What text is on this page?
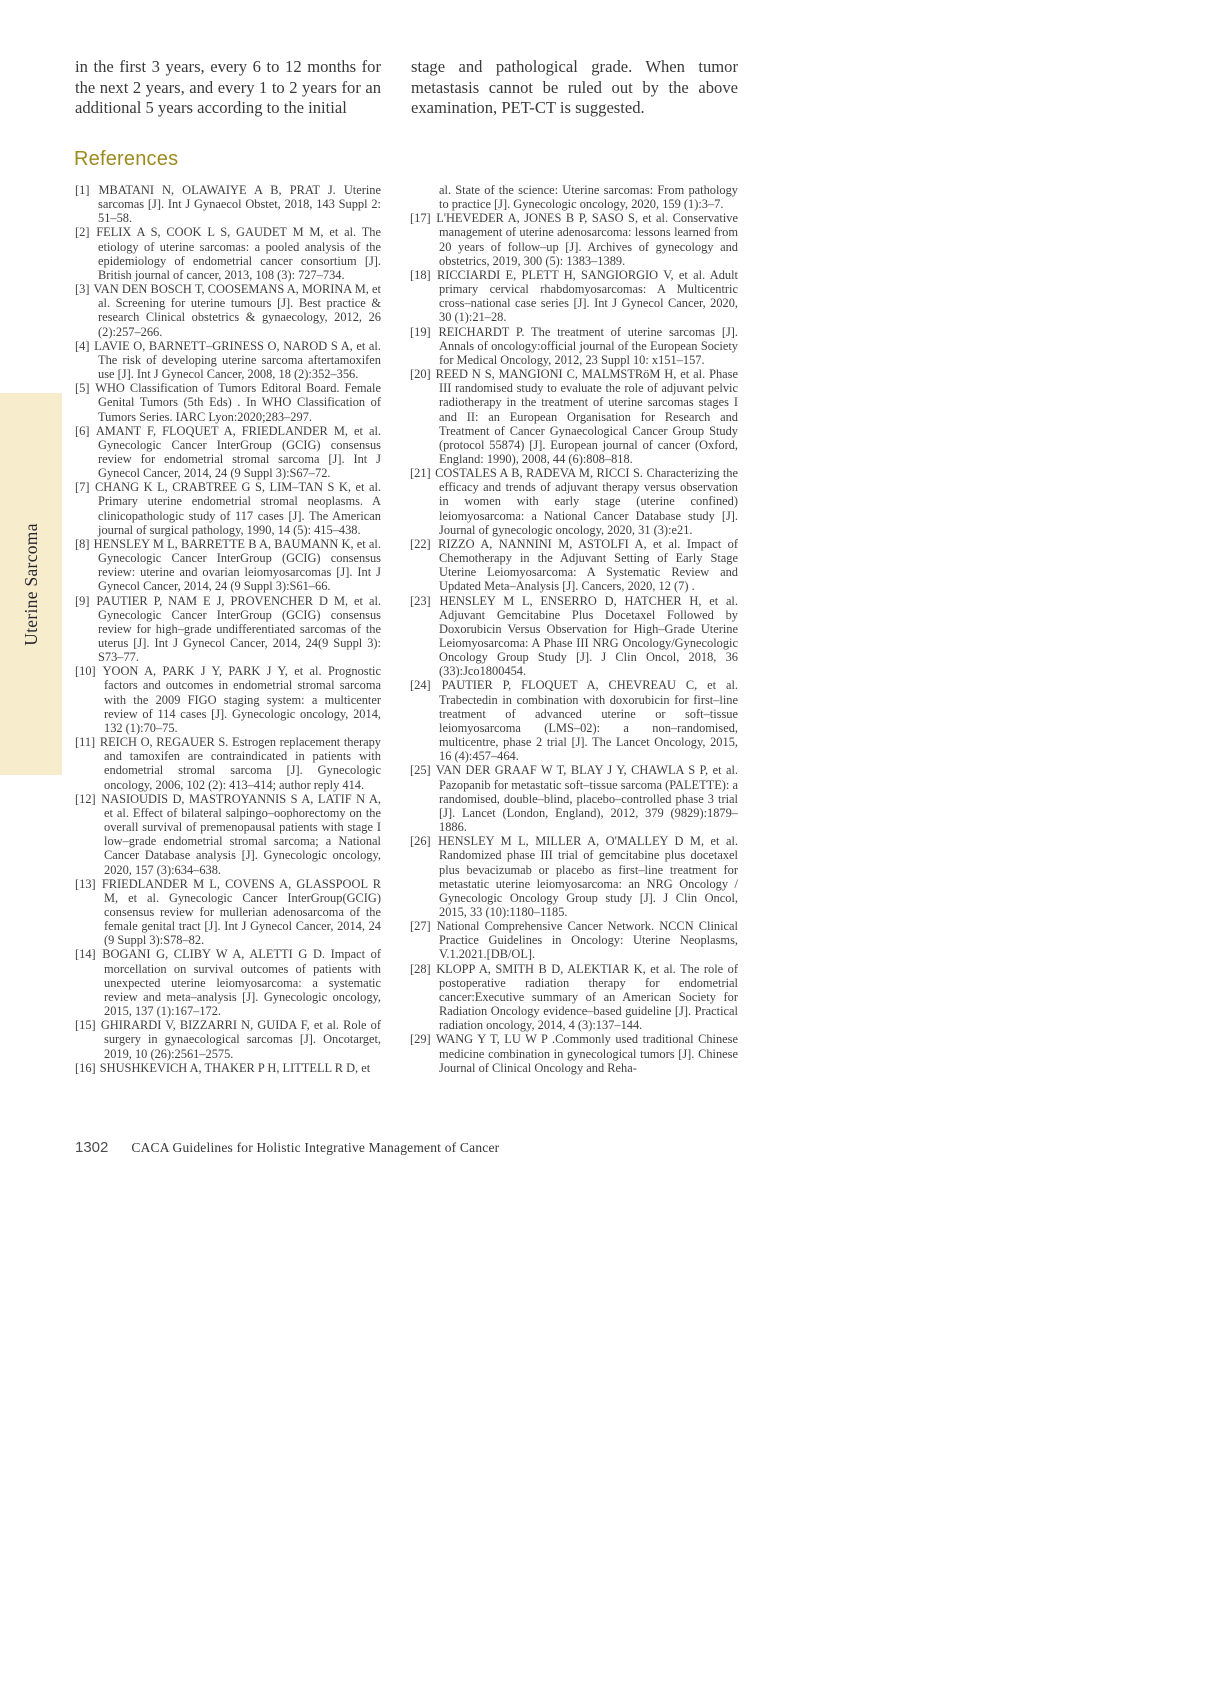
Uterine Sarcoma

in the first 3 years, every 6 to 12 months for the next 2 years, and every 1 to 2 years for an additional 5 years according to the initial

stage and pathological grade. When tumor metastasis cannot be ruled out by the above examination, PET-CT is suggested.

References
[1] MBATANI N, OLAWAIYE A B, PRAT J. Uterine sarcomas [J]. Int J Gynaecol Obstet, 2018, 143 Suppl 2: 51–58.
[2] FELIX A S, COOK L S, GAUDET M M, et al. The etiology of uterine sarcomas: a pooled analysis of the epidemiology of endometrial cancer consortium [J]. British journal of cancer, 2013, 108 (3): 727–734.
[3] VAN DEN BOSCH T, COOSEMANS A, MORINA M, et al. Screening for uterine tumours [J]. Best practice & research Clinical obstetrics & gynaecology, 2012, 26 (2):257–266.
[4] LAVIE O, BARNETT–GRINESS O, NAROD S A, et al. The risk of developing uterine sarcoma aftertamoxifen use [J]. Int J Gynecol Cancer, 2008, 18 (2):352–356.
[5] WHO Classification of Tumors Editoral Board. Female Genital Tumors (5th Eds) . In WHO Classification of Tumors Series. IARC Lyon:2020;283–297.
[6] AMANT F, FLOQUET A, FRIEDLANDER M, et al. Gynecologic Cancer InterGroup (GCIG) consensus review for endometrial stromal sarcoma [J]. Int J Gynecol Cancer, 2014, 24 (9 Suppl 3):S67–72.
[7] CHANG K L, CRABTREE G S, LIM–TAN S K, et al. Primary uterine endometrial stromal neoplasms. A clinicopathologic study of 117 cases [J]. The American journal of surgical pathology, 1990, 14 (5): 415–438.
[8] HENSLEY M L, BARRETTE B A, BAUMANN K, et al. Gynecologic Cancer InterGroup (GCIG) consensus review: uterine and ovarian leiomyosarcomas [J]. Int J Gynecol Cancer, 2014, 24 (9 Suppl 3):S61–66.
[9] PAUTIER P, NAM E J, PROVENCHER D M, et al. Gynecologic Cancer InterGroup (GCIG) consensus review for high–grade undifferentiated sarcomas of the uterus [J]. Int J Gynecol Cancer, 2014, 24(9 Suppl 3): S73–77.
[10] YOON A, PARK J Y, PARK J Y, et al. Prognostic factors and outcomes in endometrial stromal sarcoma with the 2009 FIGO staging system: a multicenter review of 114 cases [J]. Gynecologic oncology, 2014, 132 (1):70–75.
[11] REICH O, REGAUER S. Estrogen replacement therapy and tamoxifen are contraindicated in patients with endometrial stromal sarcoma [J]. Gynecologic oncology, 2006, 102 (2): 413–414; author reply 414.
[12] NASIOUDIS D, MASTROYANNIS S A, LATIF N A, et al. Effect of bilateral salpingo–oophorectomy on the overall survival of premenopausal patients with stage I low–grade endometrial stromal sarcoma; a National Cancer Database analysis [J]. Gynecologic oncology, 2020, 157 (3):634–638.
[13] FRIEDLANDER M L, COVENS A, GLASSPOOL R M, et al. Gynecologic Cancer InterGroup(GCIG) consensus review for mullerian adenosarcoma of the female genital tract [J]. Int J Gynecol Cancer, 2014, 24 (9 Suppl 3):S78–82.
[14] BOGANI G, CLIBY W A, ALETTI G D. Impact of morcellation on survival outcomes of patients with unexpected uterine leiomyosarcoma: a systematic review and meta–analysis [J]. Gynecologic oncology, 2015, 137 (1):167–172.
[15] GHIRARDI V, BIZZARRI N, GUIDA F, et al. Role of surgery in gynaecological sarcomas [J]. Oncotarget, 2019, 10 (26):2561–2575.
[16] SHUSHKEVICH A, THAKER P H, LITTELL R D, et
al. State of the science: Uterine sarcomas: From pathology to practice [J]. Gynecologic oncology, 2020, 159 (1):3–7.
[17] L'HEVEDER A, JONES B P, SASO S, et al. Conservative management of uterine adenosarcoma: lessons learned from 20 years of follow–up [J]. Archives of gynecology and obstetrics, 2019, 300 (5): 1383–1389.
[18] RICCIARDI E, PLETT H, SANGIORGIO V, et al. Adult primary cervical rhabdomyosarcomas: A Multicentric cross–national case series [J]. Int J Gynecol Cancer, 2020, 30 (1):21–28.
[19] REICHARDT P. The treatment of uterine sarcomas [J]. Annals of oncology:official journal of the European Society for Medical Oncology, 2012, 23 Suppl 10: x151–157.
[20] REED N S, MANGIONI C, MALMSTRöM H, et al. Phase III randomised study to evaluate the role of adjuvant pelvic radiotherapy in the treatment of uterine sarcomas stages I and II: an European Organisation for Research and Treatment of Cancer Gynaecological Cancer Group Study (protocol 55874) [J]. European journal of cancer (Oxford, England: 1990), 2008, 44 (6):808–818.
[21] COSTALES A B, RADEVA M, RICCI S. Characterizing the efficacy and trends of adjuvant therapy versus observation in women with early stage (uterine confined) leiomyosarcoma: a National Cancer Database study [J]. Journal of gynecologic oncology, 2020, 31 (3):e21.
[22] RIZZO A, NANNINI M, ASTOLFI A, et al. Impact of Chemotherapy in the Adjuvant Setting of Early Stage Uterine Leiomyosarcoma: A Systematic Review and Updated Meta–Analysis [J]. Cancers, 2020, 12 (7) .
[23] HENSLEY M L, ENSERRO D, HATCHER H, et al. Adjuvant Gemcitabine Plus Docetaxel Followed by Doxorubicin Versus Observation for High–Grade Uterine Leiomyosarcoma: A Phase III NRG Oncology/Gynecologic Oncology Group Study [J]. J Clin Oncol, 2018, 36 (33):Jco1800454.
[24] PAUTIER P, FLOQUET A, CHEVREAU C, et al. Trabectedin in combination with doxorubicin for first–line treatment of advanced uterine or soft–tissue leiomyosarcoma (LMS–02): a non–randomised, multicentre, phase 2 trial [J]. The Lancet Oncology, 2015, 16 (4):457–464.
[25] VAN DER GRAAF W T, BLAY J Y, CHAWLA S P, et al. Pazopanib for metastatic soft–tissue sarcoma (PALETTE): a randomised, double–blind, placebo–controlled phase 3 trial [J]. Lancet (London, England), 2012, 379 (9829):1879–1886.
[26] HENSLEY M L, MILLER A, O'MALLEY D M, et al. Randomized phase III trial of gemcitabine plus docetaxel plus bevacizumab or placebo as first–line treatment for metastatic uterine leiomyosarcoma: an NRG Oncology / Gynecologic Oncology Group study [J]. J Clin Oncol, 2015, 33 (10):1180–1185.
[27] National Comprehensive Cancer Network. NCCN Clinical Practice Guidelines in Oncology: Uterine Neoplasms, V.1.2021.[DB/OL].
[28] KLOPP A, SMITH B D, ALEKTIAR K, et al. The role of postoperative radiation therapy for endometrial cancer:Executive summary of an American Society for Radiation Oncology evidence–based guideline [J]. Practical radiation oncology, 2014, 4 (3):137–144.
[29] WANG Y T, LU W P .Commonly used traditional Chinese medicine combination in gynecological tumors [J]. Chinese Journal of Clinical Oncology and Reha-
1302 CACA Guidelines for Holistic Integrative Management of Cancer
